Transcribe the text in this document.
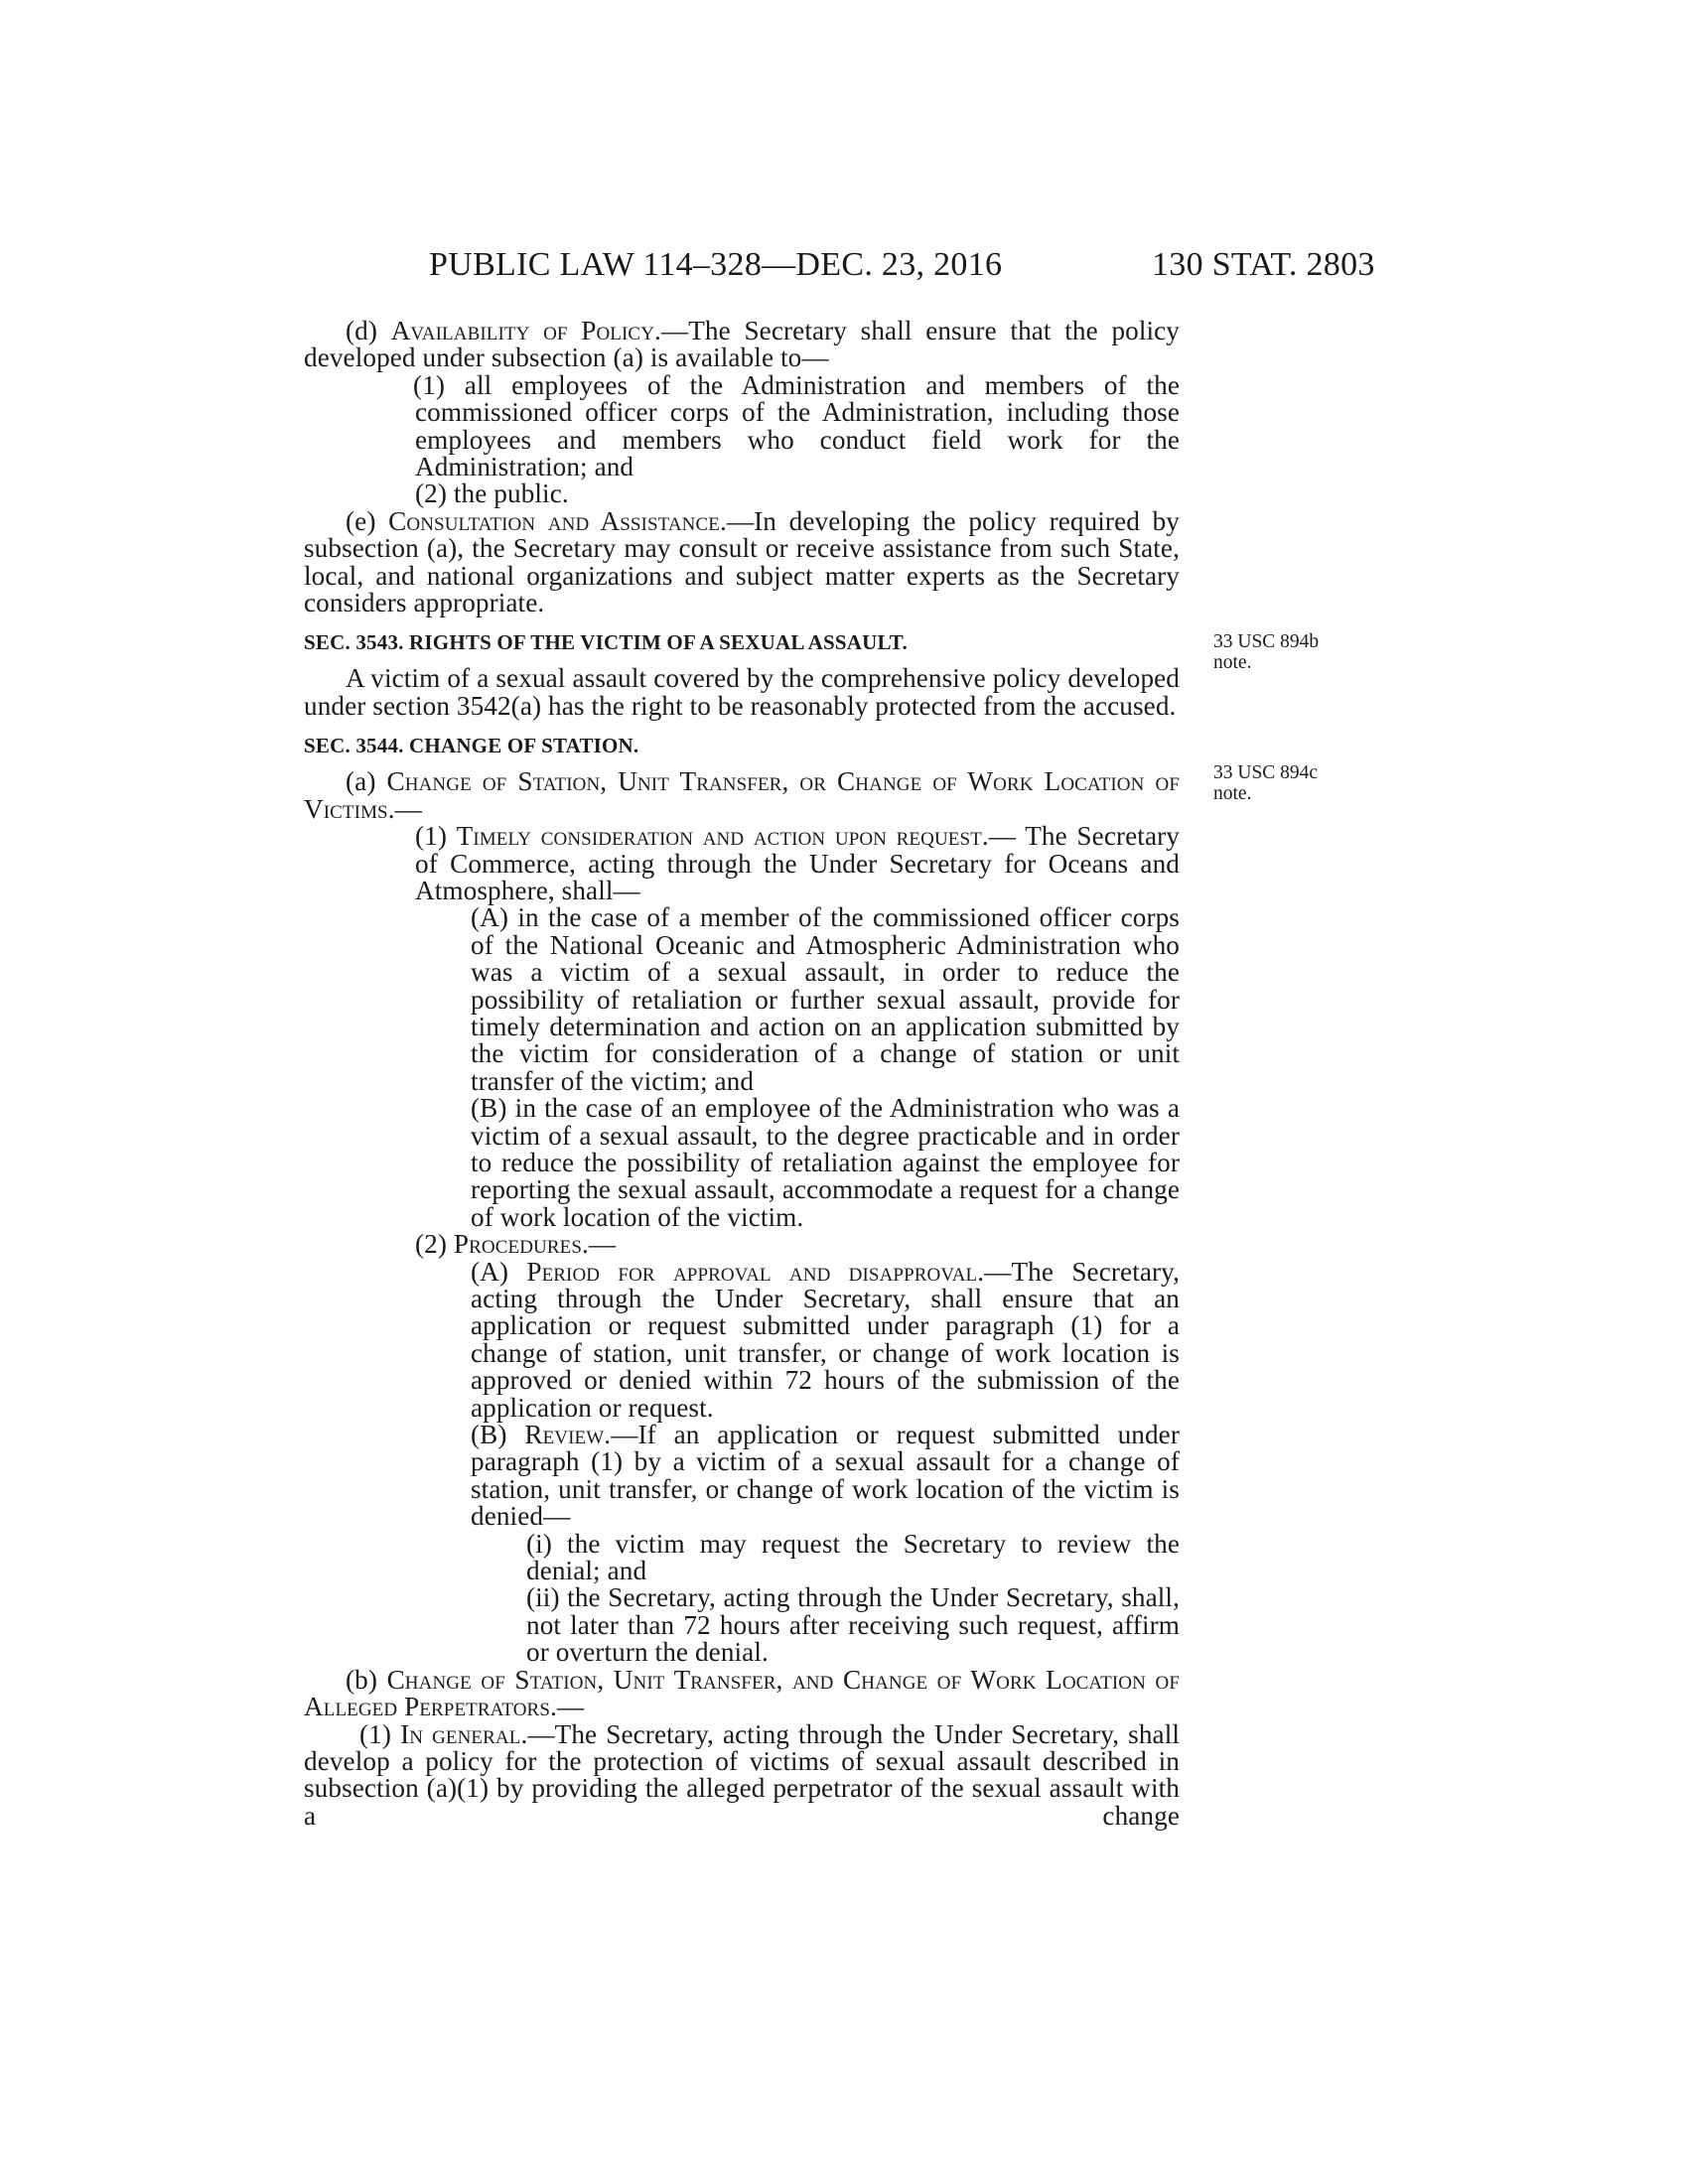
PUBLIC LAW 114–328—DEC. 23, 2016	130 STAT. 2803
33 USC 894b
note.
33 USC 894c
note.

(d) Availability of Policy.—The Secretary shall ensure that the policy developed under subsection (a) is available to—

(1) all employees of the Administration and members of the commissioned officer corps of the Administration, including those employees and members who conduct field work for the Administration; and

(2) the public.

(e) Consultation and Assistance.—In developing the policy required by subsection (a), the Secretary may consult or receive assistance from such State, local, and national organizations and subject matter experts as the Secretary considers appropriate.

SEC. 3543. RIGHTS OF THE VICTIM OF A SEXUAL ASSAULT.

A victim of a sexual assault covered by the comprehensive policy developed under section 3542(a) has the right to be reasonably protected from the accused.

SEC. 3544. CHANGE OF STATION.

(a) Change of Station, Unit Transfer, or Change of Work Location of Victims.—

(1) Timely consideration and action upon request.— The Secretary of Commerce, acting through the Under Secretary for Oceans and Atmosphere, shall—

(A) in the case of a member of the commissioned officer corps of the National Oceanic and Atmospheric Administration who was a victim of a sexual assault, in order to reduce the possibility of retaliation or further sexual assault, provide for timely determination and action on an application submitted by the victim for consideration of a change of station or unit transfer of the victim; and

(B) in the case of an employee of the Administration who was a victim of a sexual assault, to the degree practicable and in order to reduce the possibility of retaliation against the employee for reporting the sexual assault, accommodate a request for a change of work location of the victim.

(2) Procedures.—

(A) Period for approval and disapproval.—The Secretary, acting through the Under Secretary, shall ensure that an application or request submitted under paragraph (1) for a change of station, unit transfer, or change of work location is approved or denied within 72 hours of the submission of the application or request.

(B) Review.—If an application or request submitted under paragraph (1) by a victim of a sexual assault for a change of station, unit transfer, or change of work location of the victim is denied—

(i) the victim may request the Secretary to review the denial; and

(ii) the Secretary, acting through the Under Secretary, shall, not later than 72 hours after receiving such request, affirm or overturn the denial.

(b) Change of Station, Unit Transfer, and Change of Work Location of Alleged Perpetrators.—

(1) In general.—The Secretary, acting through the Under Secretary, shall develop a policy for the protection of victims of sexual assault described in subsection (a)(1) by providing the alleged perpetrator of the sexual assault with a change
